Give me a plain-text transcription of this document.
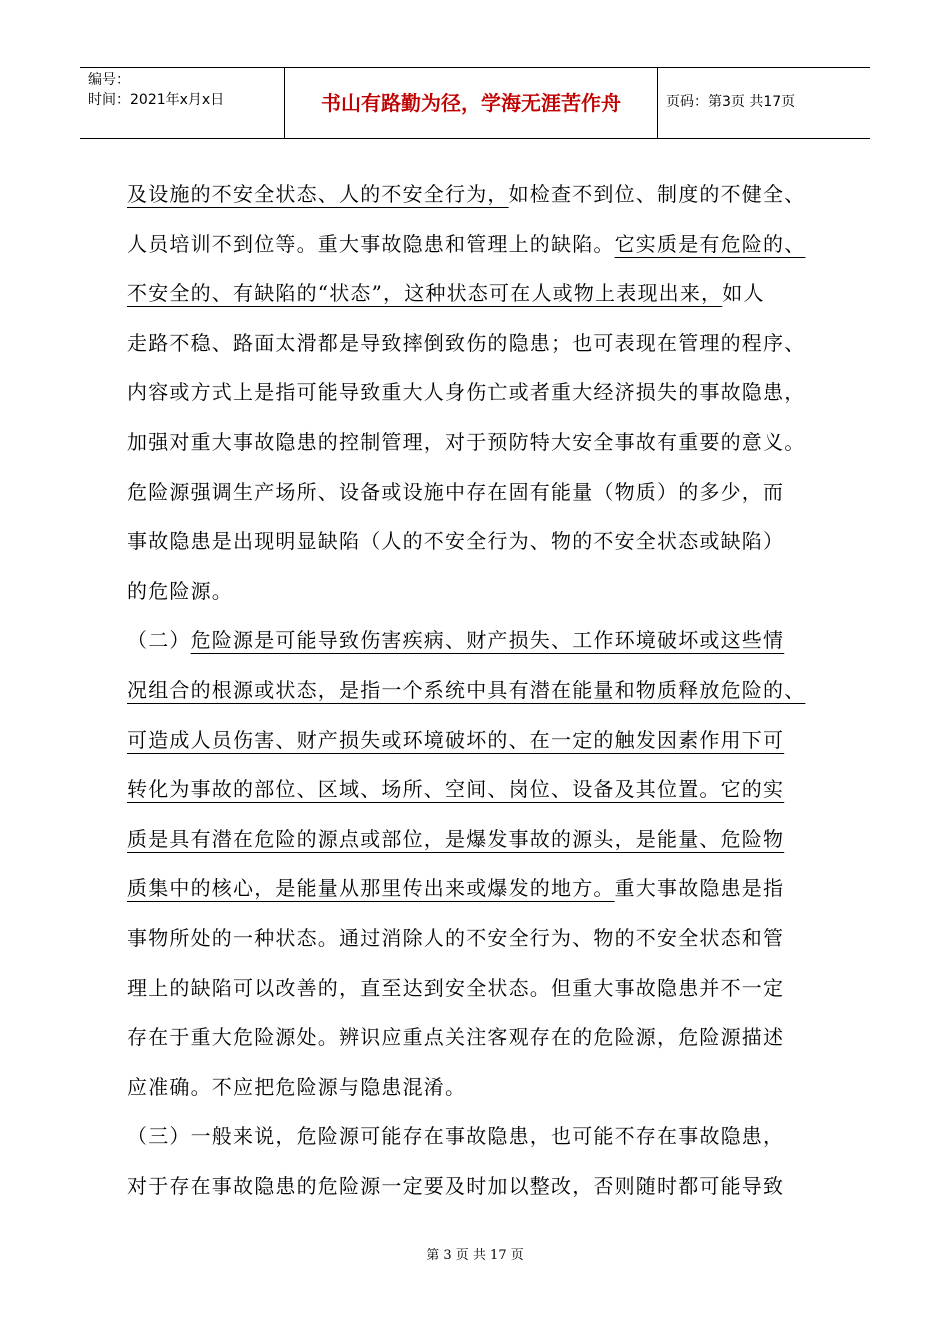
编号：
时间：2021年x月x日	书山有路勤为径，学海无涯苦作舟	页码：第3页 共17页
及设施的不安全状态、人的不安全行为，如检查不到位、制度的不健全、
人员培训不到位等。重大事故隐患和管理上的缺陷。它实质是有危险的、
不安全的、有缺陷的“状态”，这种状态可在人或物上表现出来，如人
走路不稳、路面太滑都是导致摔倒致伤的隐患；也可表现在管理的程序、
内容或方式上是指可能导致重大人身伤亡或者重大经济损失的事故隐患，
加强对重大事故隐患的控制管理，对于预防特大安全事故有重要的意义。
危险源强调生产场所、设备或设施中存在固有能量（物质）的多少，而
事故隐患是出现明显缺陷（人的不安全行为、物的不安全状态或缺陷）
的危险源。
（二）危险源是可能导致伤害疾病、财产损失、工作环境破坏或这些情
况组合的根源或状态，是指一个系统中具有潜在能量和物质释放危险的、
可造成人员伤害、财产损失或环境破坏的、在一定的触发因素作用下可
转化为事故的部位、区域、场所、空间、岗位、设备及其位置。它的实
质是具有潜在危险的源点或部位，是爆发事故的源头，是能量、危险物
质集中的核心，是能量从那里传出来或爆发的地方。重大事故隐患是指
事物所处的一种状态。通过消除人的不安全行为、物的不安全状态和管
理上的缺陷可以改善的，直至达到安全状态。但重大事故隐患并不一定
存在于重大危险源处。辨识应重点关注客观存在的危险源，危险源描述
应准确。不应把危险源与隐患混淆。
（三）一般来说，危险源可能存在事故隐患，也可能不存在事故隐患，
对于存在事故隐患的危险源一定要及时加以整改，否则随时都可能导致
第 3 页 共 17 页
